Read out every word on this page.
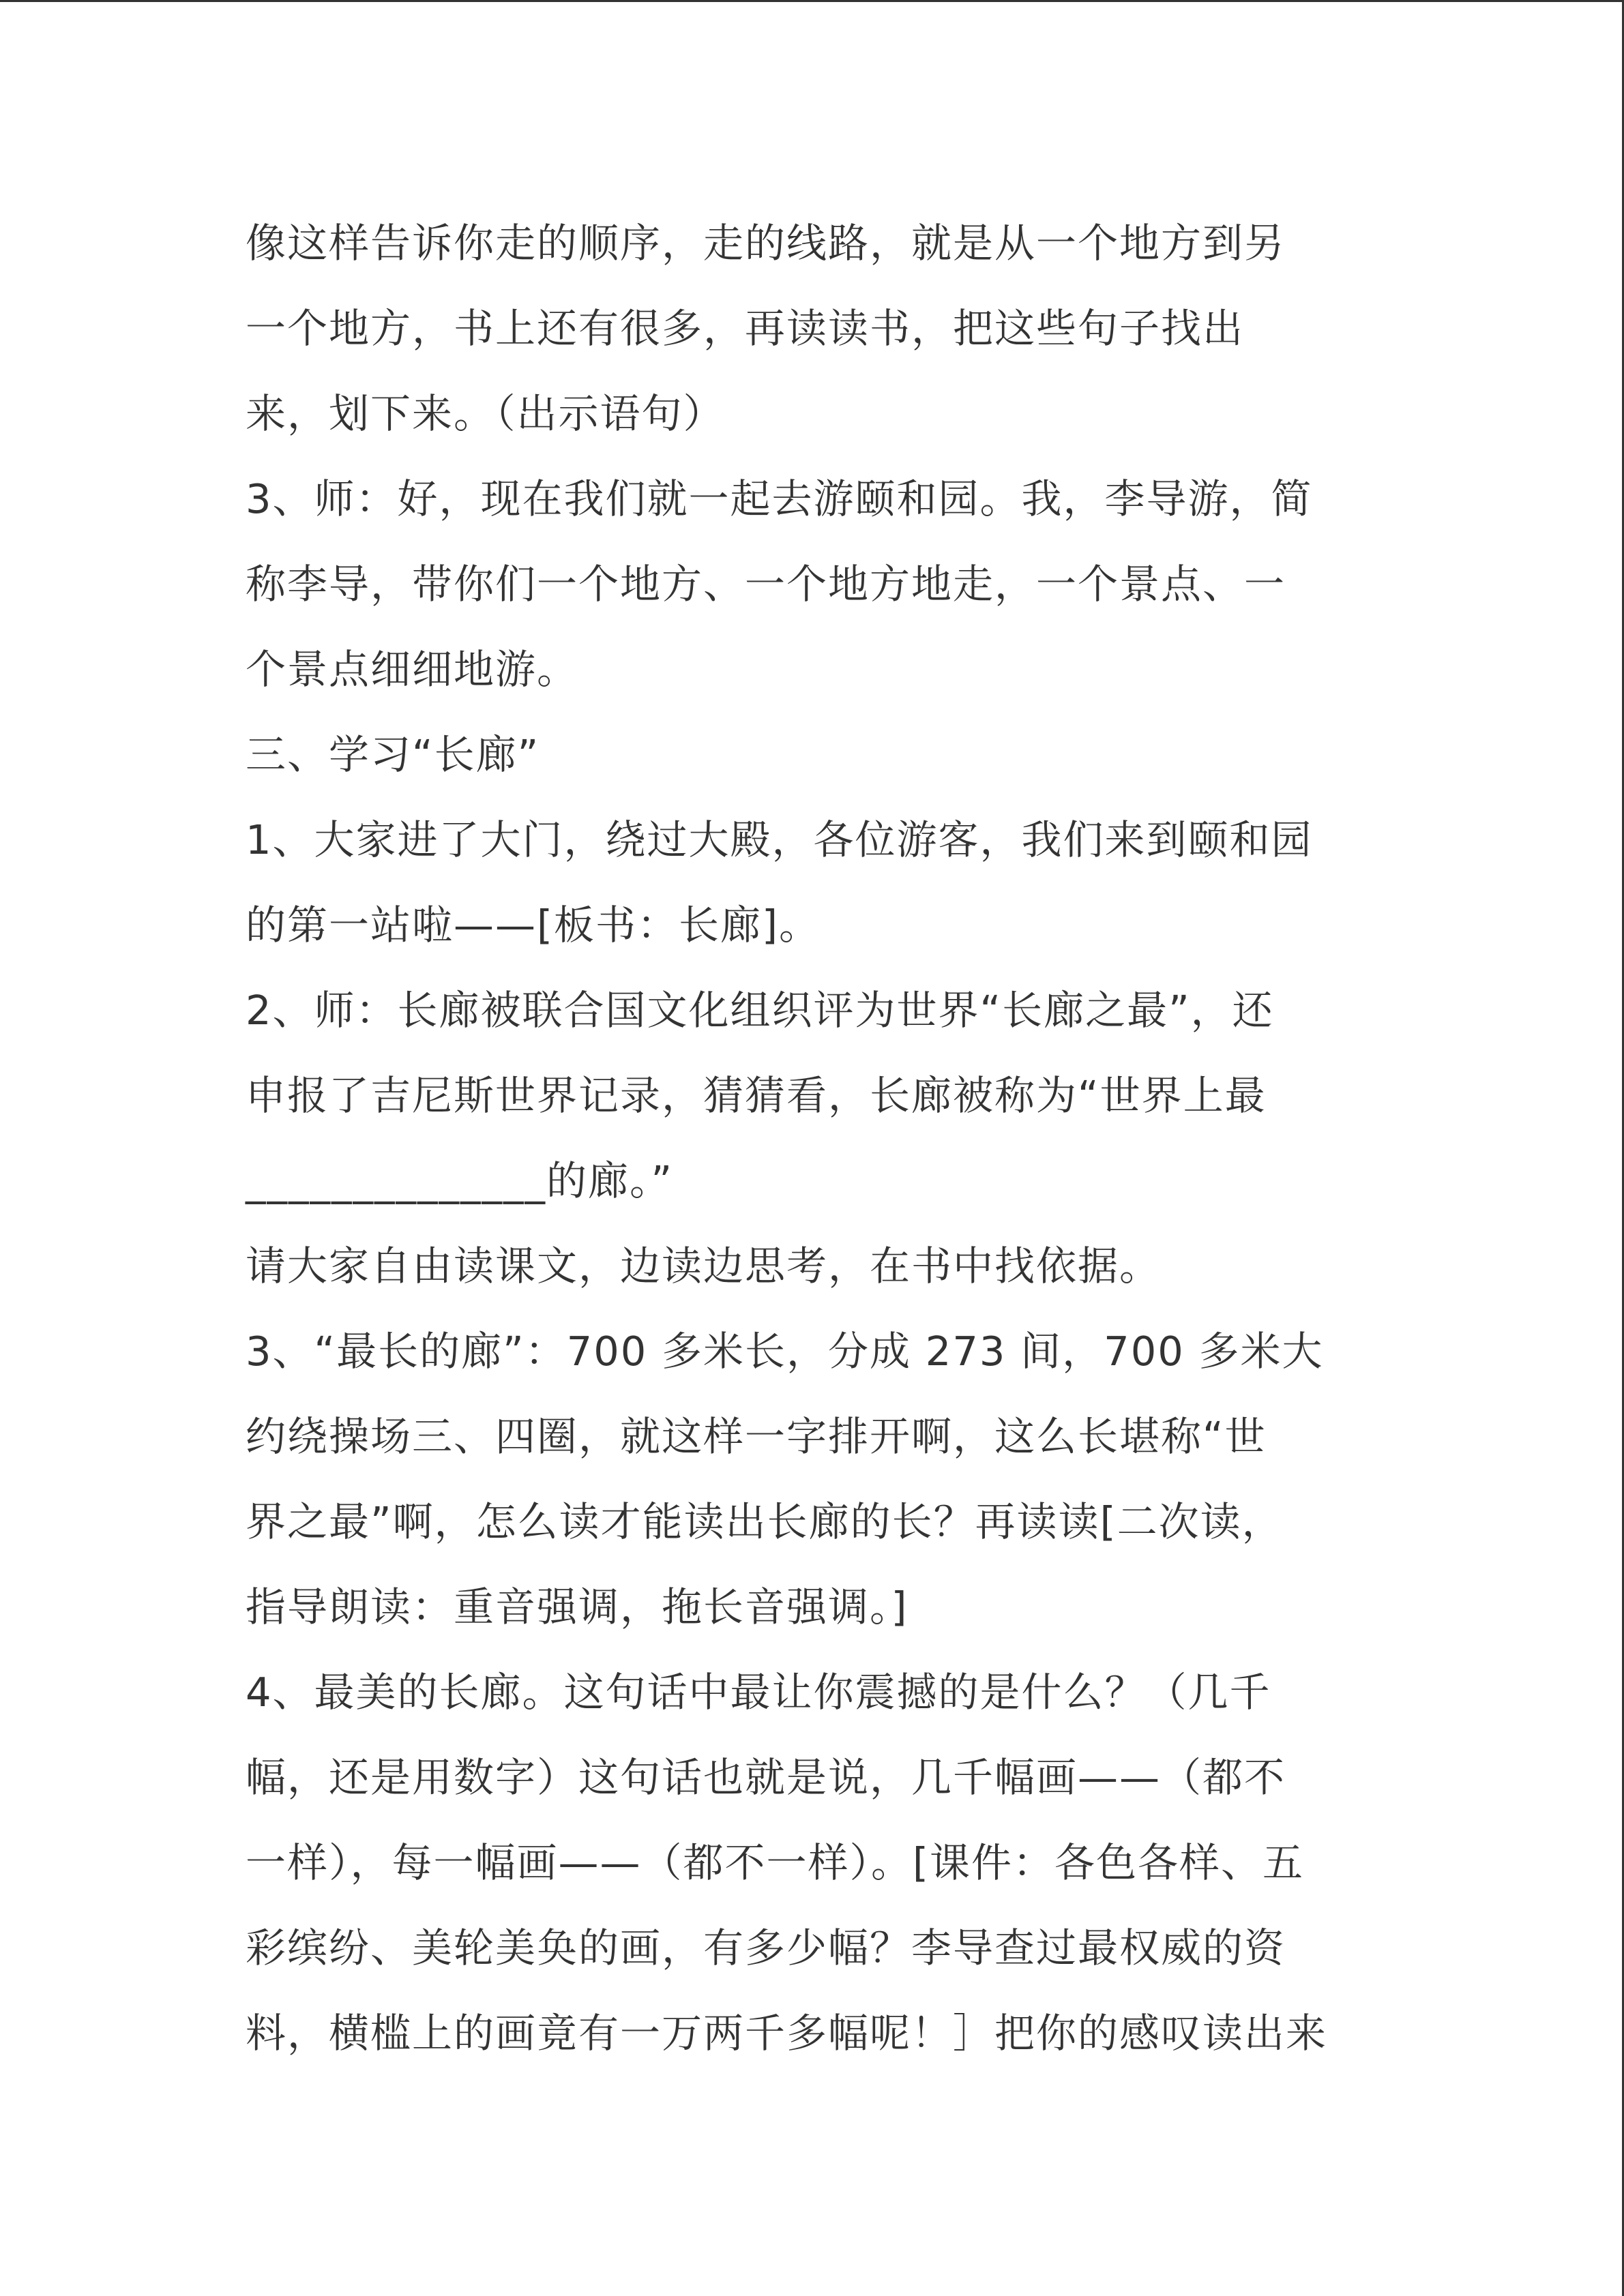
像这样告诉你走的顺序，走的线路，就是从一个地方到另
一个地方，书上还有很多，再读读书，把这些句子找出
来，划下来。（出示语句）
3、师：好，现在我们就一起去游颐和园。我，李导游，简
称李导，带你们一个地方、一个地方地走，一个景点、一
个景点细细地游。
三、学习“长廊”
1、大家进了大门，绕过大殿，各位游客，我们来到颐和园
的第一站啦——[板书：长廊]。
2、师：长廊被联合国文化组织评为世界“长廊之最”，还
申报了吉尼斯世界记录，猜猜看，长廊被称为“世界上最
______________的廊。”
请大家自由读课文，边读边思考，在书中找依据。
3、“最长的廊”：700 多米长，分成 273 间，700 多米大
约绕操场三、四圈，就这样一字排开啊，这么长堪称“世
界之最”啊，怎么读才能读出长廊的长？再读读[二次读，
指导朗读：重音强调，拖长音强调。]
4、最美的长廊。这句话中最让你震撼的是什么？（几千
幅，还是用数字）这句话也就是说，几千幅画——（都不
一样），每一幅画——（都不一样）。[课件：各色各样、五
彩缤纷、美轮美奂的画，有多少幅？李导查过最权威的资
料，横槛上的画竟有一万两千多幅呢！］把你的感叹读出来
